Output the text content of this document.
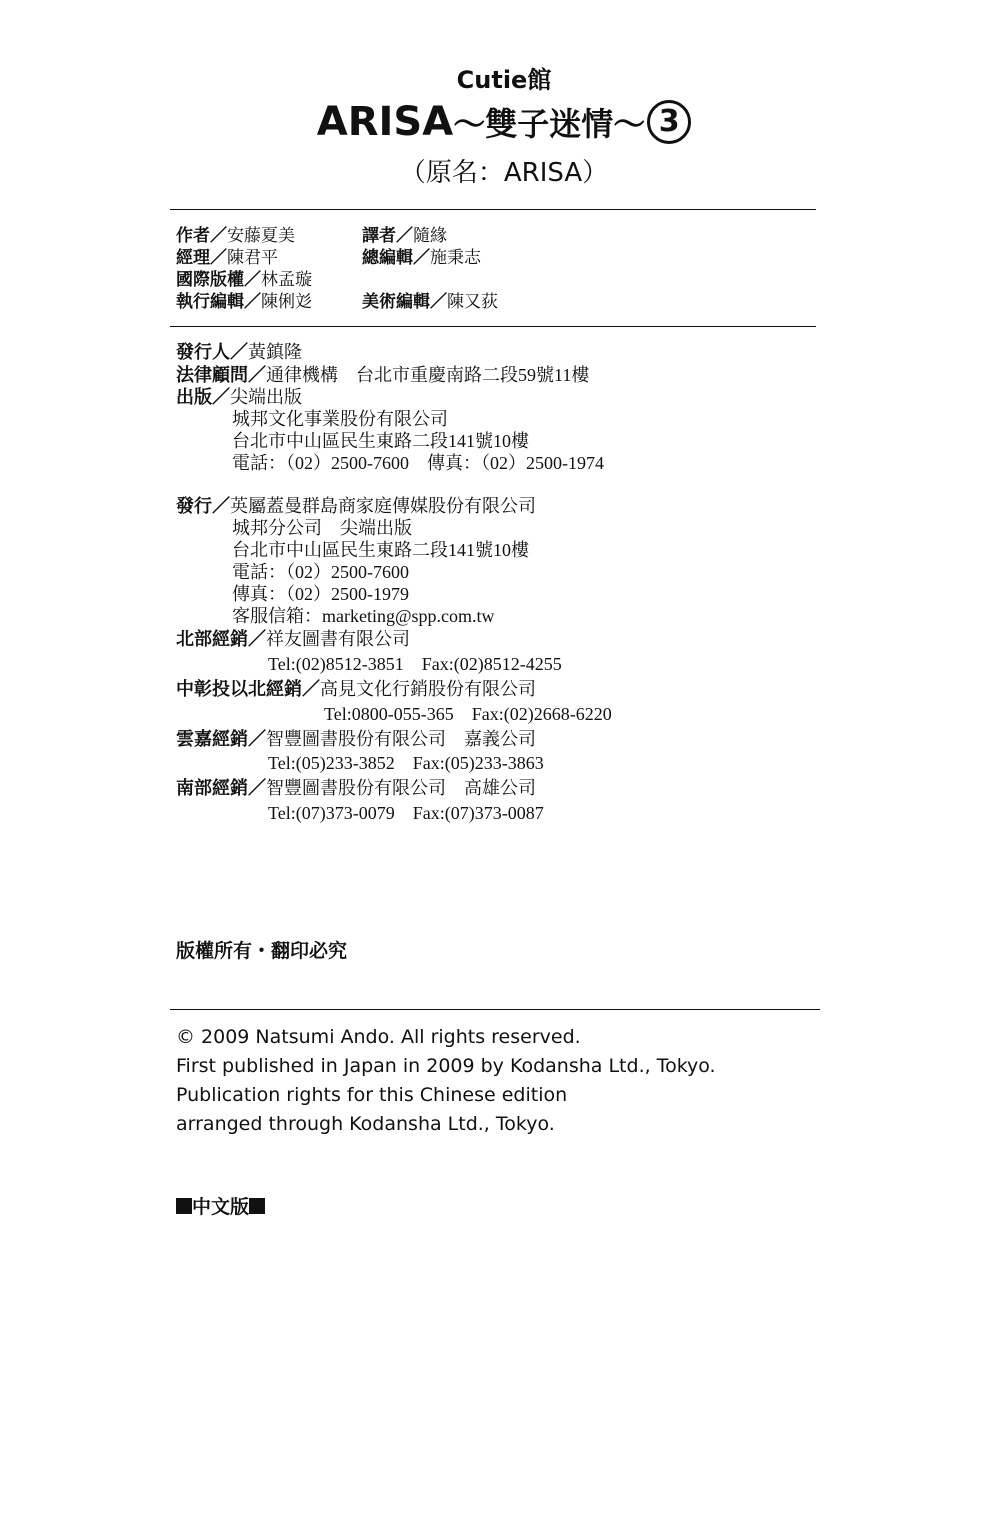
Cutie館
ARISA～雙子迷情～ 3
（原名：ARISA）
作者／安藤夏美	譯者／隨緣
經理／陳君平	總編輯／施秉志
國際版權／林孟璇
執行編輯／陳俐彣	美術編輯／陳又荻
發行人／黃鎮隆
法律顧問／通律機構　台北市重慶南路二段59號11樓
出版／尖端出版
城邦文化事業股份有限公司
台北市中山區民生東路二段141號10樓
電話：（02）2500-7600　傳真：（02）2500-1974
發行／英屬蓋曼群島商家庭傳媒股份有限公司
城邦分公司　尖端出版
台北市中山區民生東路二段141號10樓
電話：（02）2500-7600
傳真：（02）2500-1979
客服信箱：marketing@spp.com.tw
北部經銷／祥友圖書有限公司
Tel:(02)8512-3851　Fax:(02)8512-4255
中彰投以北經銷／高見文化行銷股份有限公司
Tel:0800-055-365　Fax:(02)2668-6220
雲嘉經銷／智豐圖書股份有限公司　嘉義公司
Tel:(05)233-3852　Fax:(05)233-3863
南部經銷／智豐圖書股份有限公司　高雄公司
Tel:(07)373-0079　Fax:(07)373-0087
版權所有・翻印必究
© 2009 Natsumi Ando. All rights reserved.
First published in Japan in 2009 by Kodansha Ltd., Tokyo.
Publication rights for this Chinese edition
arranged through Kodansha Ltd., Tokyo.
中文版
